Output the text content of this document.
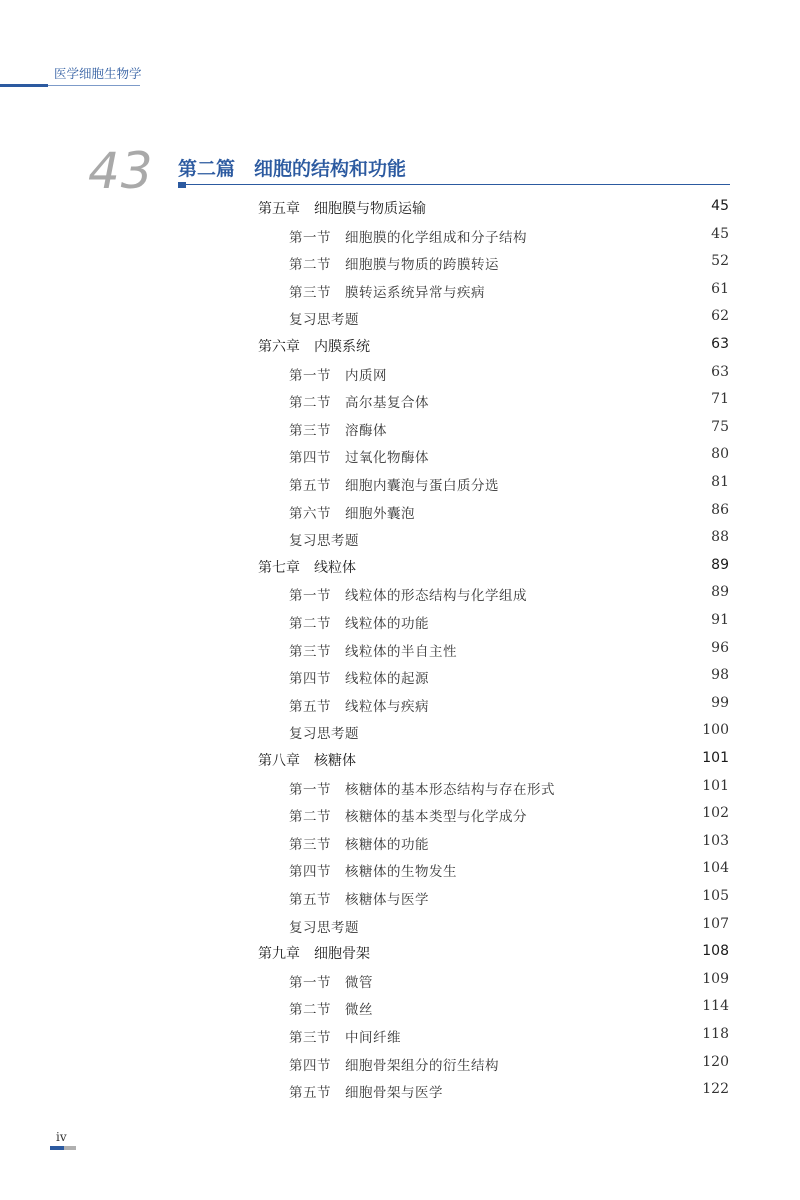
医学细胞生物学
43 第二篇　细胞的结构和功能
第五章　细胞膜与物质运输	45
第一节　细胞膜的化学组成和分子结构	45
第二节　细胞膜与物质的跨膜转运	52
第三节　膜转运系统异常与疾病	61
复习思考题	62
第六章　内膜系统	63
第一节　内质网	63
第二节　高尔基复合体	71
第三节　溶酶体	75
第四节　过氧化物酶体	80
第五节　细胞内囊泡与蛋白质分选	81
第六节　细胞外囊泡	86
复习思考题	88
第七章　线粒体	89
第一节　线粒体的形态结构与化学组成	89
第二节　线粒体的功能	91
第三节　线粒体的半自主性	96
第四节　线粒体的起源	98
第五节　线粒体与疾病	99
复习思考题	100
第八章　核糖体	101
第一节　核糖体的基本形态结构与存在形式	101
第二节　核糖体的基本类型与化学成分	102
第三节　核糖体的功能	103
第四节　核糖体的生物发生	104
第五节　核糖体与医学	105
复习思考题	107
第九章　细胞骨架	108
第一节　微管	109
第二节　微丝	114
第三节　中间纤维	118
第四节　细胞骨架组分的衍生结构	120
第五节　细胞骨架与医学	122
iv
